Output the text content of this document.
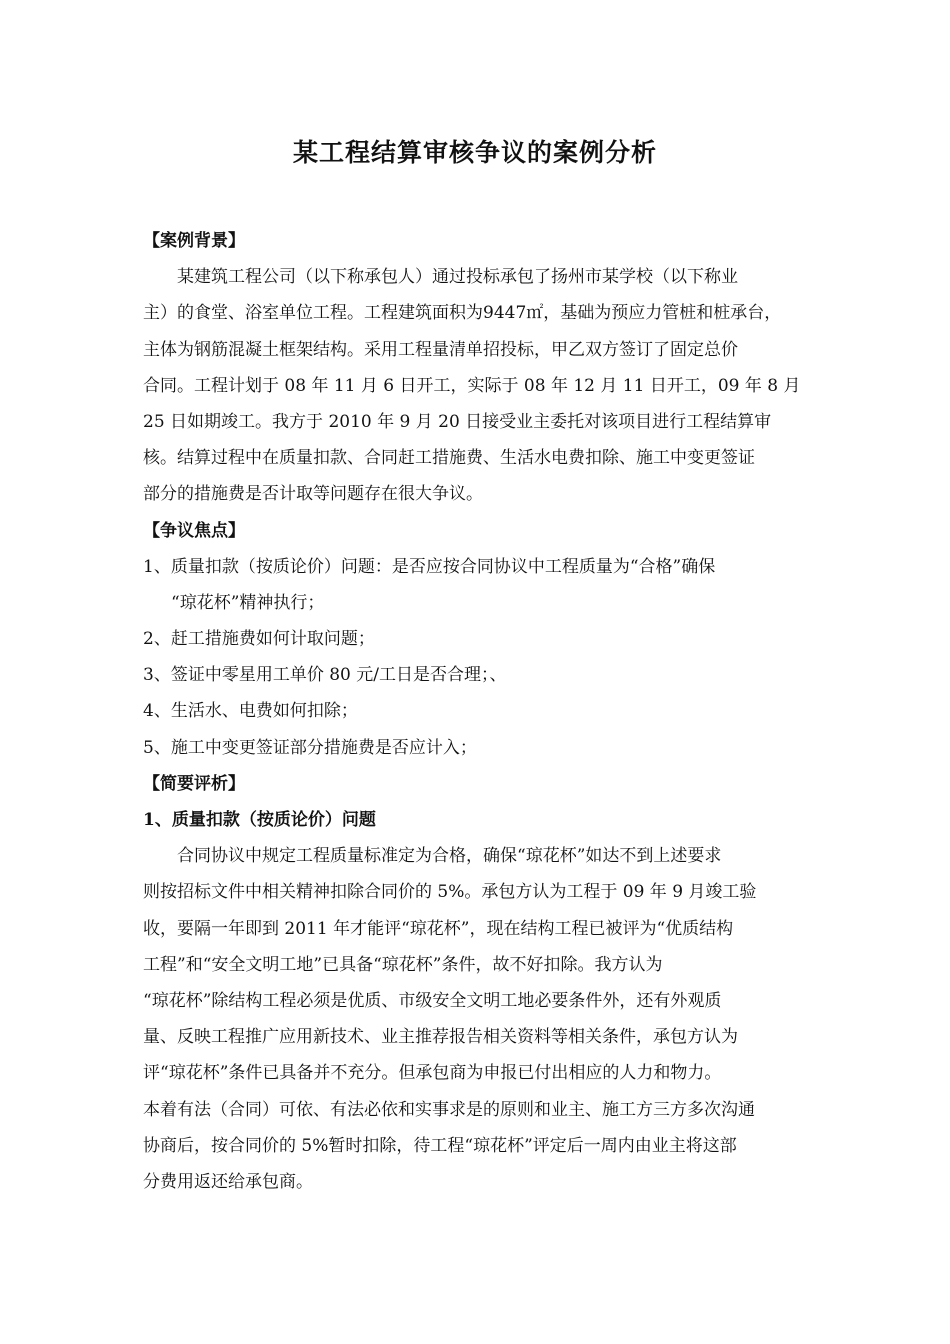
某工程结算审核争议的案例分析
【案例背景】
某建筑工程公司（以下称承包人）通过投标承包了扬州市某学校（以下称业
主）的食堂、浴室单位工程。工程建筑面积为9447㎡，基础为预应力管桩和桩承台，
主体为钢筋混凝土框架结构。采用工程量清单招投标，甲乙双方签订了固定总价
合同。工程计划于 08 年 11 月 6 日开工，实际于 08 年 12 月 11 日开工，09 年 8 月
25 日如期竣工。我方于 2010 年 9 月 20 日接受业主委托对该项目进行工程结算审
核。结算过程中在质量扣款、合同赶工措施费、生活水电费扣除、施工中变更签证
部分的措施费是否计取等问题存在很大争议。
【争议焦点】
1、质量扣款（按质论价）问题：是否应按合同协议中工程质量为“合格”确保
“琼花杯”精神执行；
2、赶工措施费如何计取问题；
3、签证中零星用工单价 80 元/工日是否合理；、
4、生活水、电费如何扣除；
5、施工中变更签证部分措施费是否应计入；
【简要评析】
1、质量扣款（按质论价）问题
合同协议中规定工程质量标准定为合格，确保“琼花杯”如达不到上述要求
则按招标文件中相关精神扣除合同价的 5%。承包方认为工程于 09 年 9 月竣工验
收，要隔一年即到 2011 年才能评“琼花杯”，现在结构工程已被评为“优质结构
工程”和“安全文明工地”已具备“琼花杯”条件，故不好扣除。我方认为
“琼花杯”除结构工程必须是优质、市级安全文明工地必要条件外，还有外观质
量、反映工程推广应用新技术、业主推荐报告相关资料等相关条件，承包方认为
评“琼花杯”条件已具备并不充分。但承包商为申报已付出相应的人力和物力。
本着有法（合同）可依、有法必依和实事求是的原则和业主、施工方三方多次沟通
协商后，按合同价的 5%暂时扣除，待工程“琼花杯”评定后一周内由业主将这部
分费用返还给承包商。
